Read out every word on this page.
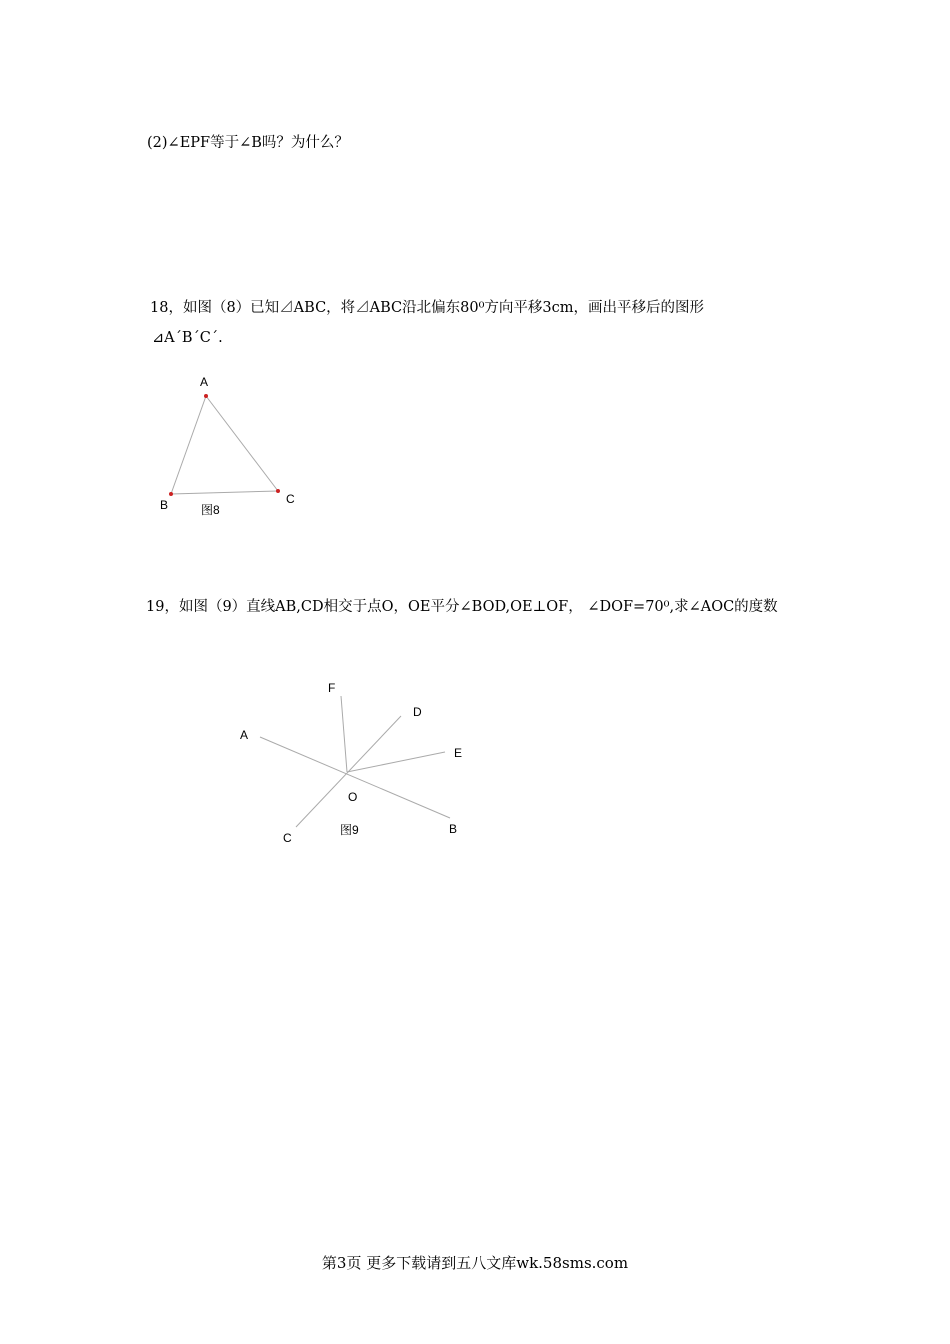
(2)∠EPF等于∠B吗？为什么？
18，如图（8）已知⊿ABC，将⊿ABC沿北偏东80⁰方向平移3cm，画出平移后的图形
⊿A´B´C´.
A
B	C
图8
19，如图（9）直线AB,CD相交于点O，OE平分∠BOD,OE⊥OF， ∠DOF=70⁰,求∠AOC的度数
F
D
A
E
O
图9	B
C
第3页 更多下载请到五八文库wk.58sms.com
